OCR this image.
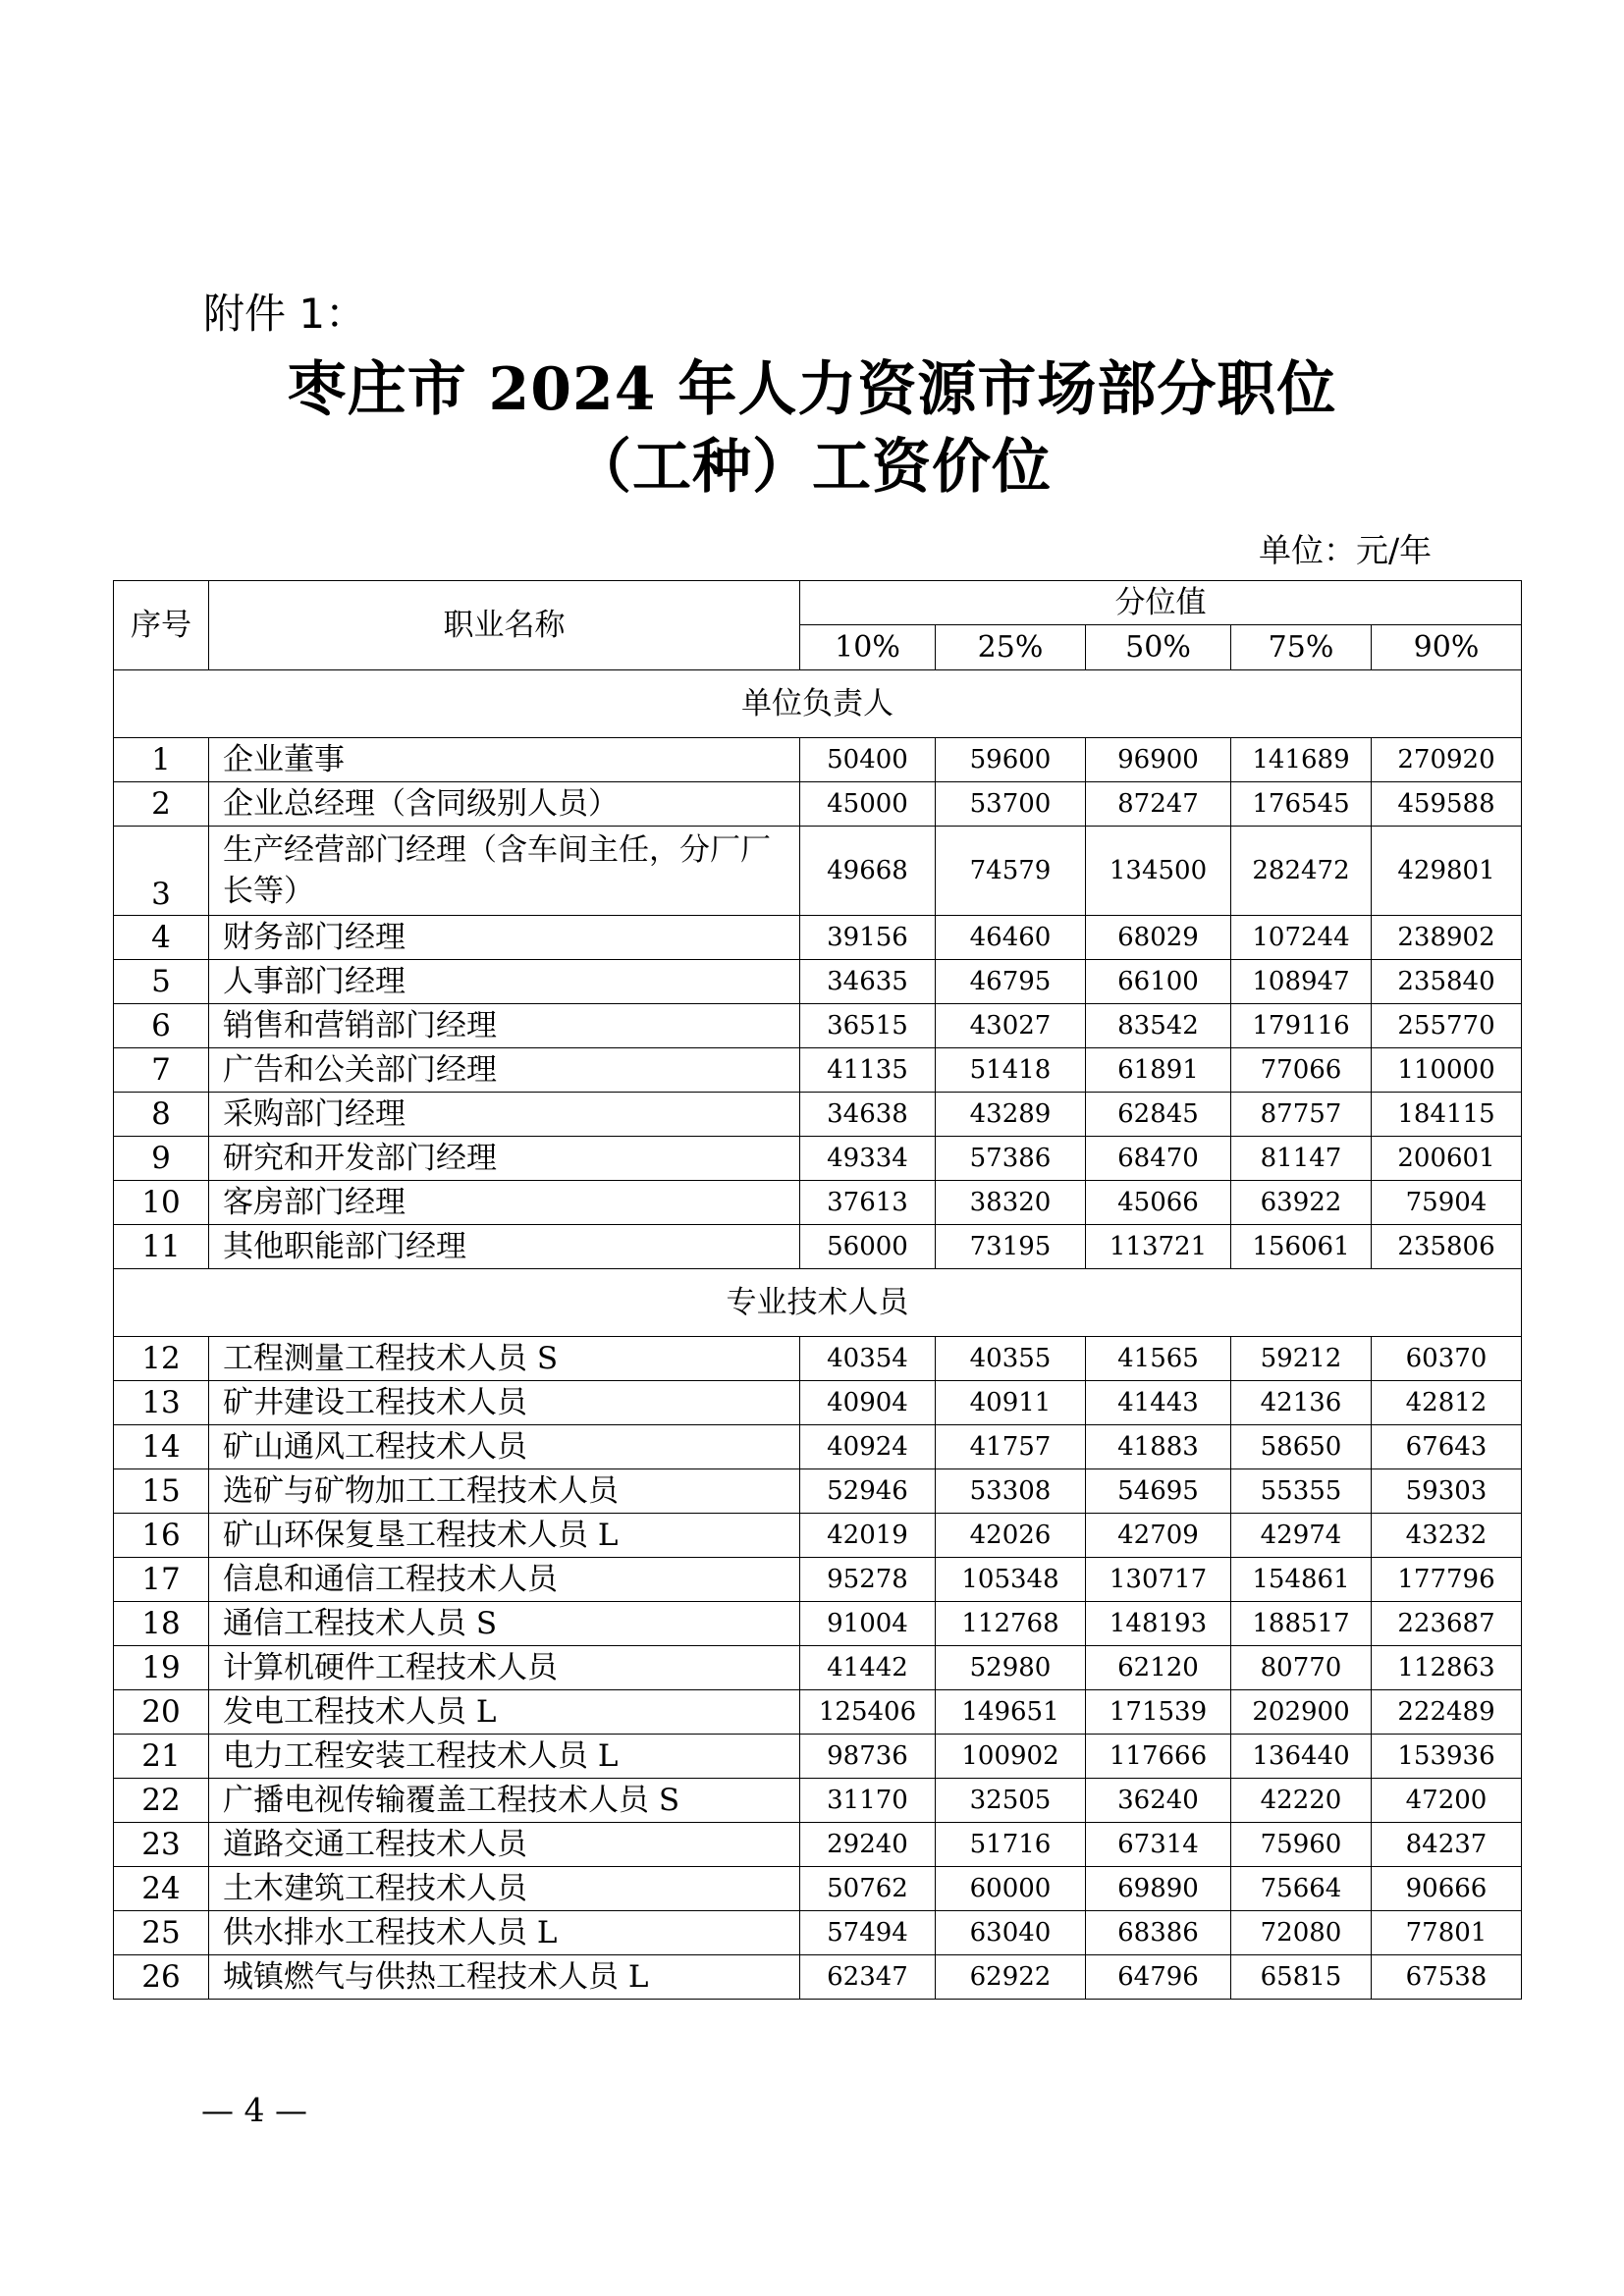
附件 1：
枣庄市 2024 年人力资源市场部分职位
（工种）工资价位
单位：元/年
序号	职业名称	分位值				
		10%	25%	50%	75%	90%
单位负责人						
1	企业董事	50400	59600	96900	141689	270920
2	企业总经理（含同级别人员）	45000	53700	87247	176545	459588
3	生产经营部门经理（含车间主任，分厂厂长等）	49668	74579	134500	282472	429801
4	财务部门经理	39156	46460	68029	107244	238902
5	人事部门经理	34635	46795	66100	108947	235840
6	销售和营销部门经理	36515	43027	83542	179116	255770
7	广告和公关部门经理	41135	51418	61891	77066	110000
8	采购部门经理	34638	43289	62845	87757	184115
9	研究和开发部门经理	49334	57386	68470	81147	200601
10	客房部门经理	37613	38320	45066	63922	75904
11	其他职能部门经理	56000	73195	113721	156061	235806
专业技术人员						
12	工程测量工程技术人员 S	40354	40355	41565	59212	60370
13	矿井建设工程技术人员	40904	40911	41443	42136	42812
14	矿山通风工程技术人员	40924	41757	41883	58650	67643
15	选矿与矿物加工工程技术人员	52946	53308	54695	55355	59303
16	矿山环保复垦工程技术人员 L	42019	42026	42709	42974	43232
17	信息和通信工程技术人员	95278	105348	130717	154861	177796
18	通信工程技术人员 S	91004	112768	148193	188517	223687
19	计算机硬件工程技术人员	41442	52980	62120	80770	112863
20	发电工程技术人员 L	125406	149651	171539	202900	222489
21	电力工程安装工程技术人员 L	98736	100902	117666	136440	153936
22	广播电视传输覆盖工程技术人员 S	31170	32505	36240	42220	47200
23	道路交通工程技术人员	29240	51716	67314	75960	84237
24	土木建筑工程技术人员	50762	60000	69890	75664	90666
25	供水排水工程技术人员 L	57494	63040	68386	72080	77801
26	城镇燃气与供热工程技术人员 L	62347	62922	64796	65815	67538
— 4 —
